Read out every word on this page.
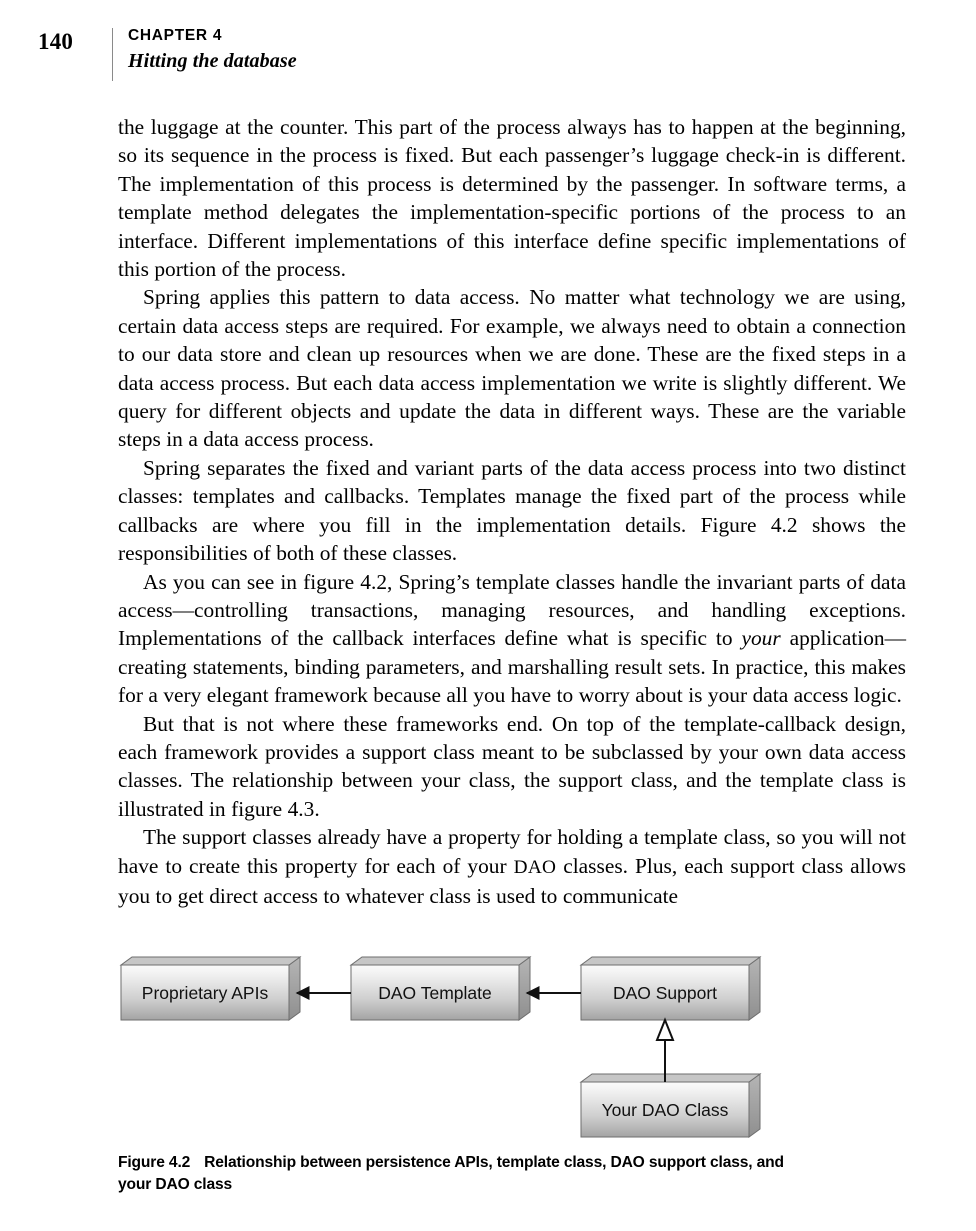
140	CHAPTER 4
Hitting the database

the luggage at the counter. This part of the process always has to happen at the beginning, so its sequence in the process is fixed. But each passenger’s luggage check-in is different. The implementation of this process is determined by the passenger. In software terms, a template method delegates the implementation-specific portions of the process to an interface. Different implementations of this interface define specific implementations of this portion of the process.

Spring applies this pattern to data access. No matter what technology we are using, certain data access steps are required. For example, we always need to obtain a connection to our data store and clean up resources when we are done. These are the fixed steps in a data access process. But each data access implementation we write is slightly different. We query for different objects and update the data in different ways. These are the variable steps in a data access process.

Spring separates the fixed and variant parts of the data access process into two distinct classes: templates and callbacks. Templates manage the fixed part of the process while callbacks are where you fill in the implementation details. Figure 4.2 shows the responsibilities of both of these classes.

As you can see in figure 4.2, Spring’s template classes handle the invariant parts of data access—controlling transactions, managing resources, and handling exceptions. Implementations of the callback interfaces define what is specific to your application—creating statements, binding parameters, and marshalling result sets. In practice, this makes for a very elegant framework because all you have to worry about is your data access logic.

But that is not where these frameworks end. On top of the template-callback design, each framework provides a support class meant to be subclassed by your own data access classes. The relationship between your class, the support class, and the template class is illustrated in figure 4.3.

The support classes already have a property for holding a template class, so you will not have to create this property for each of your DAO classes. Plus, each support class allows you to get direct access to whatever class is used to communicate

Proprietary APIs	DAO Template	DAO Support
Your DAO Class
Figure 4.2 Relationship between persistence APIs, template class, DAO support class, and your DAO class
